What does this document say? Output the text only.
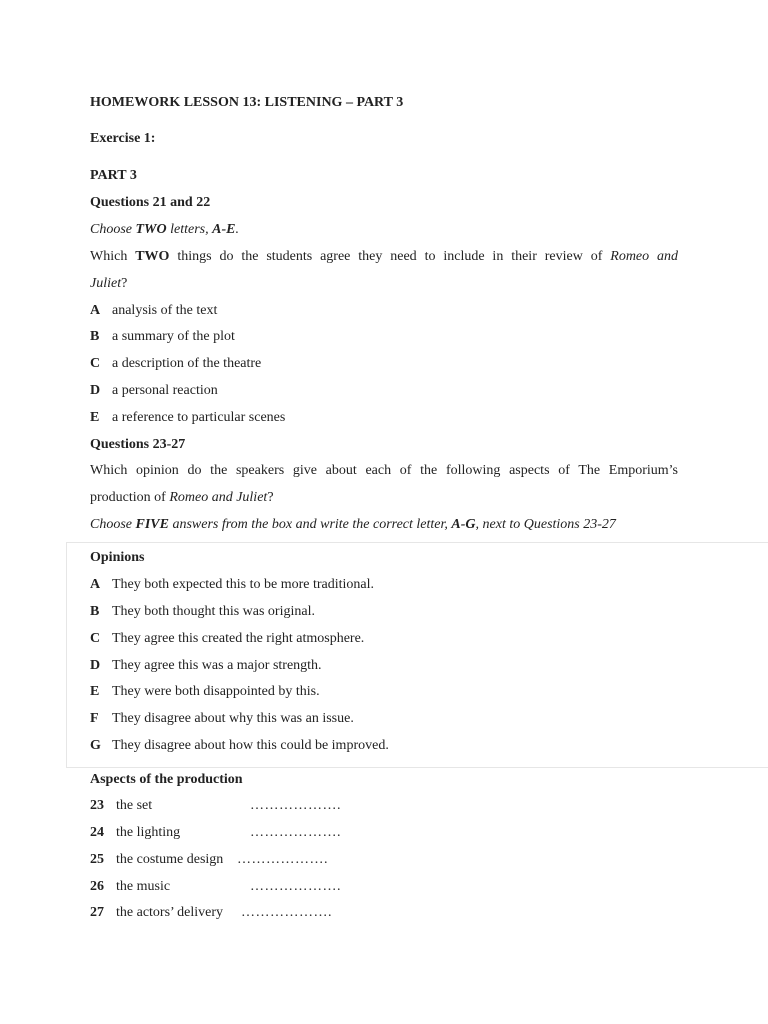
HOMEWORK LESSON 13: LISTENING – PART 3
Exercise 1:
PART 3
Questions 21 and 22
Choose TWO letters, A-E.
Which TWO things do the students agree they need to include in their review of Romeo and
Juliet?
A analysis of the text
B a summary of the plot
C a description of the theatre
D a personal reaction
E a reference to particular scenes
Questions 23-27
Which opinion do the speakers give about each of the following aspects of The Emporium’s
production of Romeo and Juliet?
Choose FIVE answers from the box and write the correct letter, A-G, next to Questions 23-27
Opinions
A They both expected this to be more traditional.
B They both thought this was original.
C They agree this created the right atmosphere.
D They agree this was a major strength.
E They were both disappointed by this.
F They disagree about why this was an issue.
G They disagree about how this could be improved.
Aspects of the production
23 the set	……………….
24 the lighting	……………….
25 the costume design ……………….
26 the music	……………….
27 the actors’ delivery ……………….
